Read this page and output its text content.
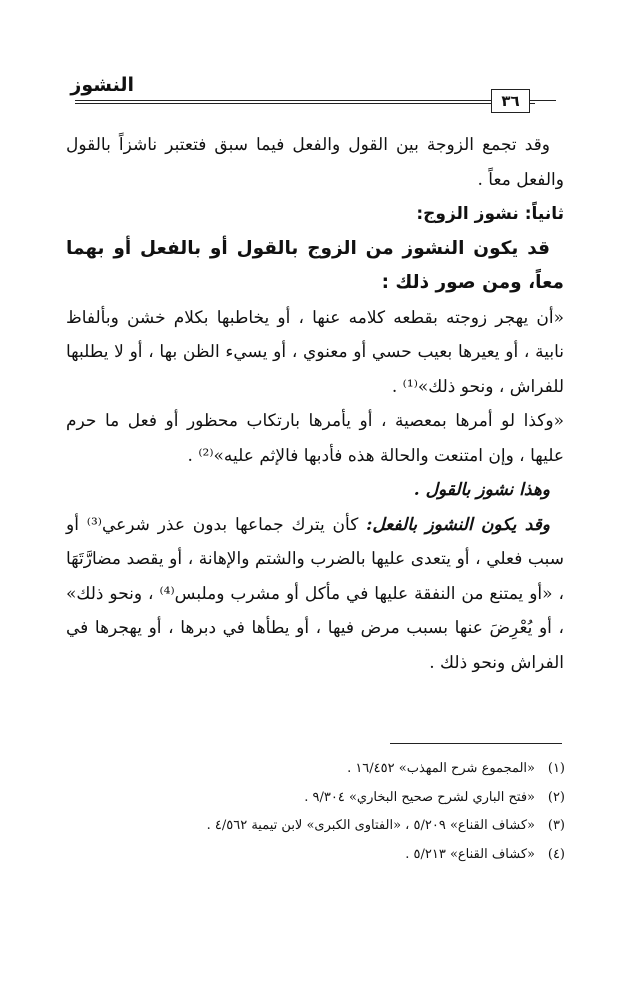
النشوز
٣٦

وقد تجمع الزوجة بين القول والفعل فيما سبق فتعتبر ناشزاً بالقول والفعل معاً .

ثانياً: نشوز الزوج:

قد يكون النشوز من الزوج بالقول أو بالفعل أو بهما معاً، ومن صور ذلك :

«أن يهجر زوجته بقطعه كلامه عنها ، أو يخاطبها بكلام خشن وبألفاظ نابية ، أو يعيرها بعيب حسي أو معنوي ، أو يسيء الظن بها ، أو لا يطلبها للفراش ، ونحو ذلك»⁽¹⁾ .

«وكذا لو أمرها بمعصية ، أو يأمرها بارتكاب محظور أو فعل ما حرم عليها ، وإن امتنعت والحالة هذه فأدبها فالإثم عليه»⁽²⁾ .

وهذا نشوز بالقول .

وقد يكون النشوز بالفعل: كأن يترك جماعها بدون عذر شرعي⁽³⁾ أو سبب فعلي ، أو يتعدى عليها بالضرب والشتم والإهانة ، أو يقصد مضارَّتَهَا ، «أو يمتنع من النفقة عليها في مأكل أو مشرب وملبس⁽⁴⁾ ، ونحو ذلك» ، أو يُعْرِضَ عنها بسبب مرض فيها ، أو يطأها في دبرها ، أو يهجرها في الفراش ونحو ذلك .

(١)«المجموع شرح المهذب» ١٦/٤٥٢ .
(٢)«فتح الباري لشرح صحيح البخاري» ٩/٣٠٤ .
(٣)«كشاف القناع» ٥/٢٠٩ ، «الفتاوى الكبرى» لابن تيمية ٤/٥٦٢ .
(٤)«كشاف القناع» ٥/٢١٣ .
